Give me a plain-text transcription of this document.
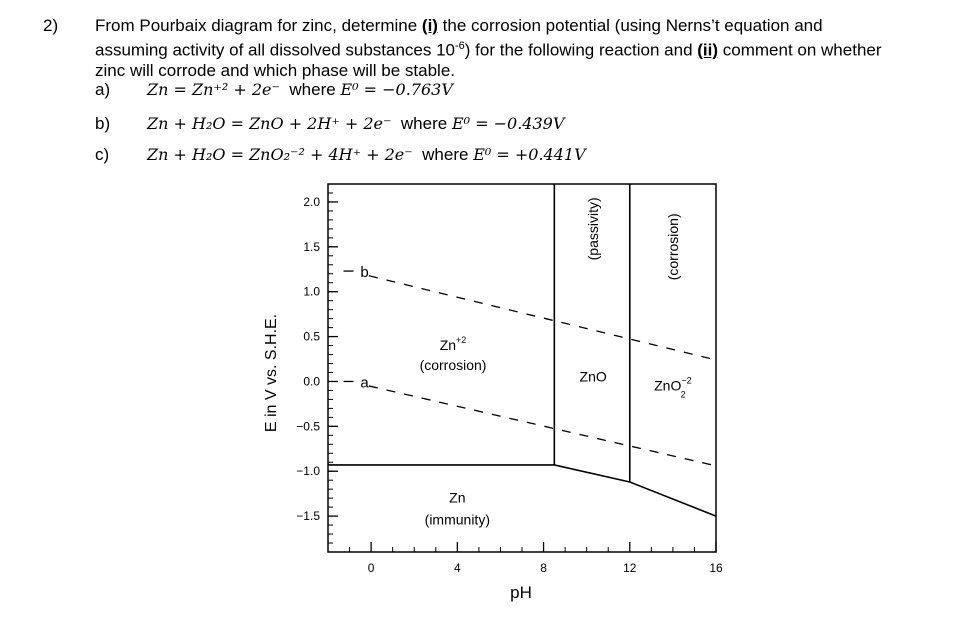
2) From Pourbaix diagram for zinc, determine (i) the corrosion potential (using Nerns’t equation and assuming activity of all dissolved substances $10^{-6}$) for the following reaction and (ii) comment on whether zinc will corrode and which phase will be stable.
a) Zn = Zn⁺² + 2e⁻ where E⁰ = −0.763V
b) Zn + H₂O = ZnO + 2H⁺ + 2e⁻ where E⁰ = −0.439V
c) Zn + H₂O = ZnO₂⁻² + 4H⁺ + 2e⁻ where E⁰ = +0.441V
2.0
1.5
1.0
0.5
0.0
−0.5
−1.0
−1.5
0	4	8	12	16
pH
E in V vs. S.H.E.
b
a
$Zn^{+2}$
(corrosion)
ZnO
(passivity)
ZnO$^{-2}$ 2
(corrosion)
Zn
(immunity)
